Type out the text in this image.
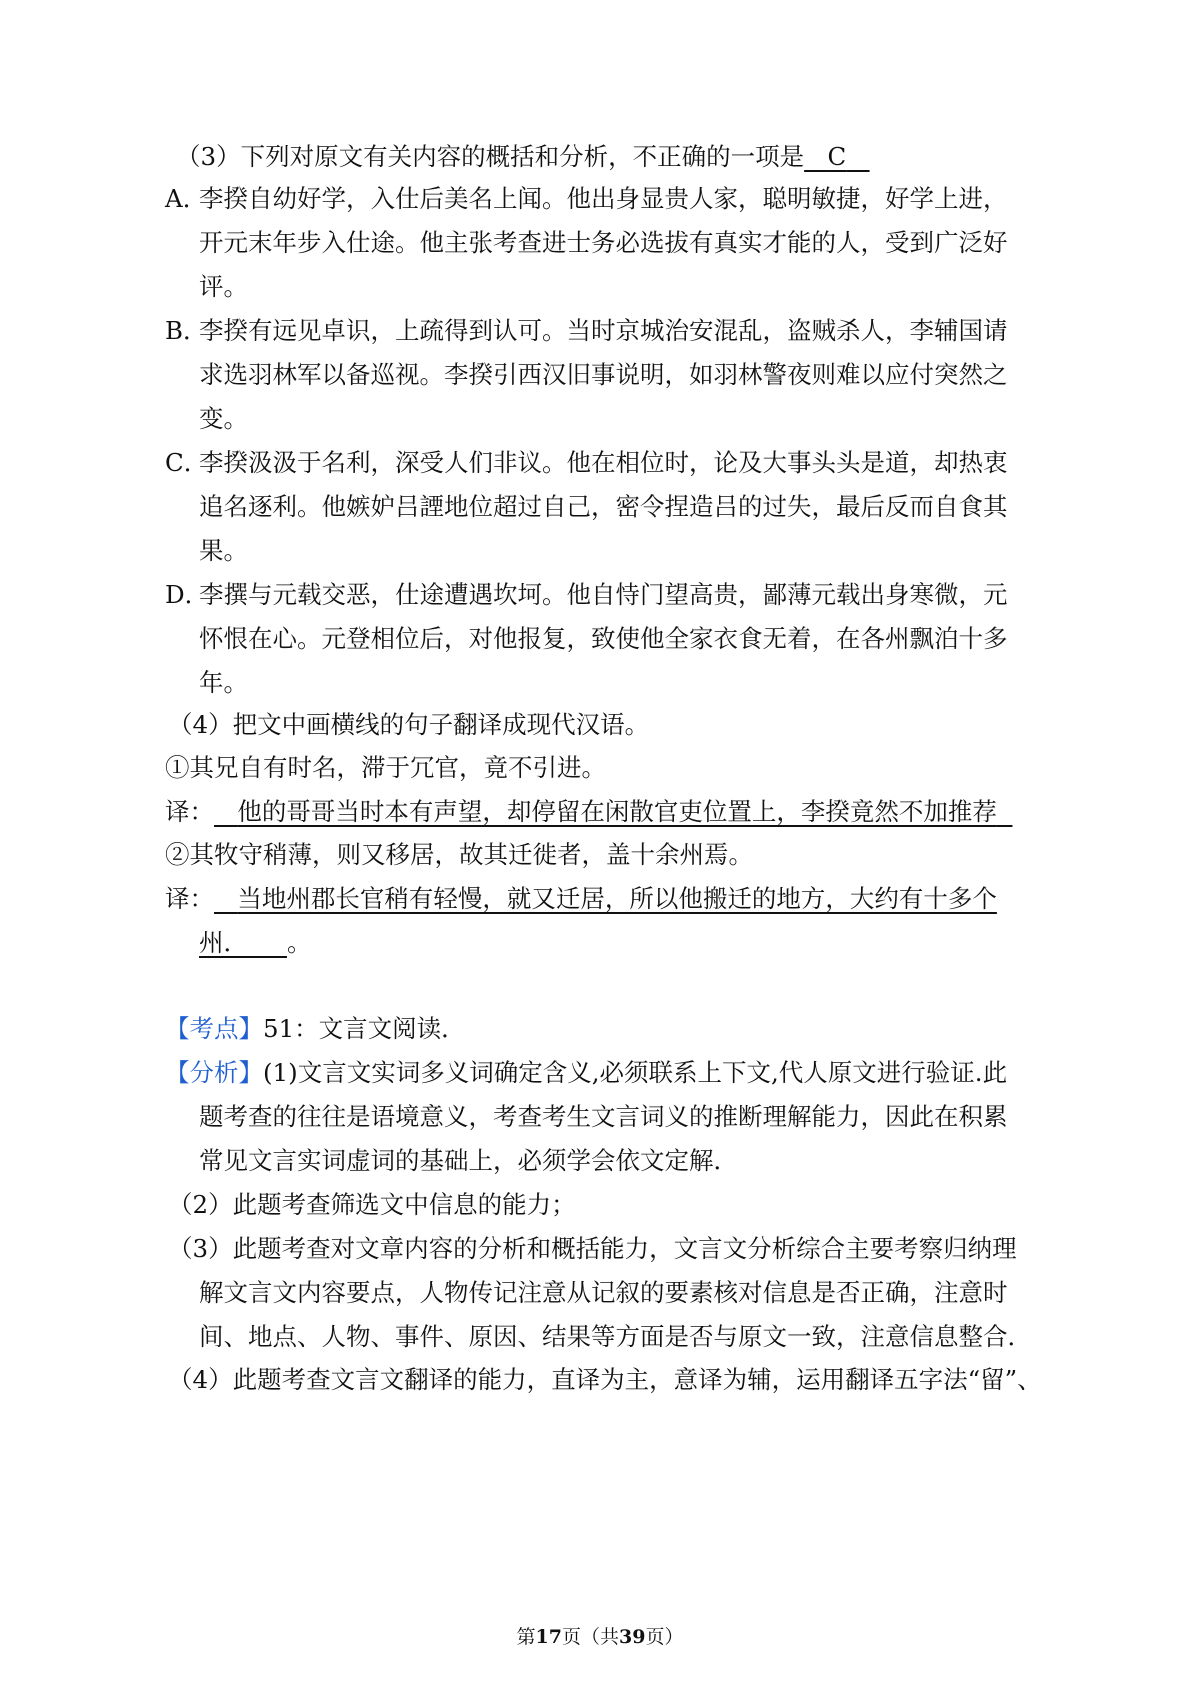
（3）下列对原文有关内容的概括和分析，不正确的一项是 C
A．
李揆自幼好学，入仕后美名上闻。他出身显贵人家，聪明敏捷，好学上进，
开元末年步入仕途。他主张考查进士务必选拔有真实才能的人，受到广泛好
评。
B．
李揆有远见卓识，上疏得到认可。当时京城治安混乱，盗贼杀人，李辅国请
求选羽林军以备巡视。李揆引西汉旧事说明，如羽林警夜则难以应付突然之
变。
C．
李揆汲汲于名利，深受人们非议。他在相位时，论及大事头头是道，却热衷
追名逐利。他嫉妒吕諲地位超过自己，密令捏造吕的过失，最后反而自食其
果。
D．
李撰与元载交恶，仕途遭遇坎坷。他自恃门望高贵，鄙薄元载出身寒微，元
怀恨在心。元登相位后，对他报复，致使他全家衣食无着，在各州飘泊十多
年。
（4）把文中画横线的句子翻译成现代汉语。
①其兄自有时名，滞于冗官，竟不引进。
译： 他的哥哥当时本有声望，却停留在闲散官吏位置上，李揆竟然不加推荐
②其牧守稍薄，则又移居，故其迁徙者，盖十余州焉。
译： 当地州郡长官稍有轻慢，就又迁居，所以他搬迁的地方，大约有十多个
州． 。
【考点】51：文言文阅读．
【分析】(1)文言文实词多义词确定含义,必须联系上下文,代人原文进行验证.此
题考查的往往是语境意义，考查考生文言词义的推断理解能力，因此在积累
常见文言实词虚词的基础上，必须学会依文定解．
（2）此题考查筛选文中信息的能力；
（3）此题考查对文章内容的分析和概括能力，文言文分析综合主要考察归纳理
解文言文内容要点，人物传记注意从记叙的要素核对信息是否正确，注意时
间、地点、人物、事件、原因、结果等方面是否与原文一致，注意信息整合．
（4）此题考查文言文翻译的能力，直译为主，意译为辅，运用翻译五字法“留”、
第17页（共39页）
